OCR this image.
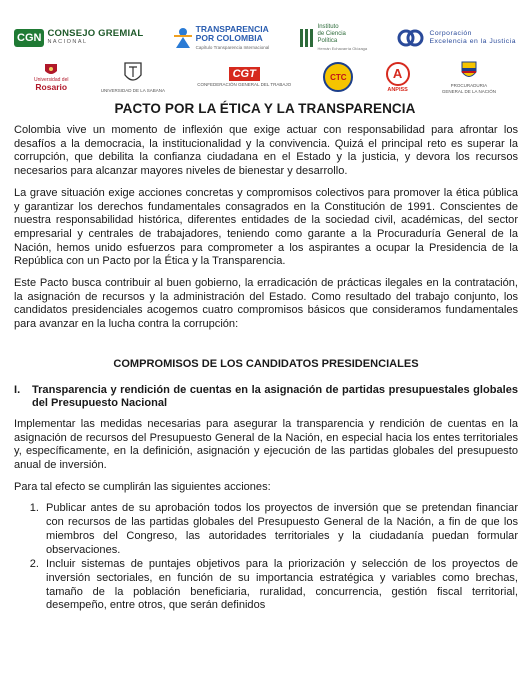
CGN CONSEJO GREMIAL
NACIONAL
TRANSPARENCIA
POR COLOMBIA
Capítulo Transparencia Internacional
Instituto
de Ciencia
Política
Hernán Echavarría Olózaga
Corporación
Excelencia en la Justicia
Universidad del
Rosario	UNIVERSIDAD DE LA SABANA
CGT
CONFEDERACIÓN GENERAL DEL TRABAJO
CTC	A
ANPISS
PROCURADURIA
GENERAL DE LA NACIÓN
PACTO POR LA ÉTICA Y LA TRANSPARENCIA

Colombia vive un momento de inflexión que exige actuar con responsabilidad para afrontar los desafíos a la democracia, la institucionalidad y la convivencia. Quizá el principal reto es superar la corrupción, que debilita la confianza ciudadana en el Estado y la justicia, y devora los recursos necesarios para alcanzar mayores niveles de bienestar y desarrollo.

La grave situación exige acciones concretas y compromisos colectivos para promover la ética pública y garantizar los derechos fundamentales consagrados en la Constitución de 1991. Conscientes de nuestra responsabilidad histórica, diferentes entidades de la sociedad civil, académicas, del sector empresarial y centrales de trabajadores, teniendo como garante a la Procuraduría General de la Nación, hemos unido esfuerzos para comprometer a los aspirantes a ocupar la Presidencia de la República con un Pacto por la Ética y la Transparencia.

Este Pacto busca contribuir al buen gobierno, la erradicación de prácticas ilegales en la contratación, la asignación de recursos y la administración del Estado. Como resultado del trabajo conjunto, los candidatos presidenciales acogemos cuatro compromisos básicos que consideramos fundamentales para avanzar en la lucha contra la corrupción:

COMPROMISOS DE LOS CANDIDATOS PRESIDENCIALES
I.	Transparencia y rendición de cuentas en la asignación de partidas presupuestales globales del Presupuesto Nacional

Implementar las medidas necesarias para asegurar la transparencia y rendición de cuentas en la asignación de recursos del Presupuesto General de la Nación, en especial hacia los entes territoriales y, específicamente, en la definición, asignación y ejecución de las partidas globales del presupuesto anual de inversión.

Para tal efecto se cumplirán las siguientes acciones:

1. Publicar antes de su aprobación todos los proyectos de inversión que se pretendan financiar con recursos de las partidas globales del Presupuesto General de la Nación, a fin de que los miembros del Congreso, las autoridades territoriales y la ciudadanía puedan formular observaciones.
2. Incluir sistemas de puntajes objetivos para la priorización y selección de los proyectos de inversión sectoriales, en función de su importancia estratégica y variables como brechas, tamaño de la población beneficiaria, ruralidad, concurrencia, gestión fiscal territorial, desempeño, entre otros, que serán definidos
